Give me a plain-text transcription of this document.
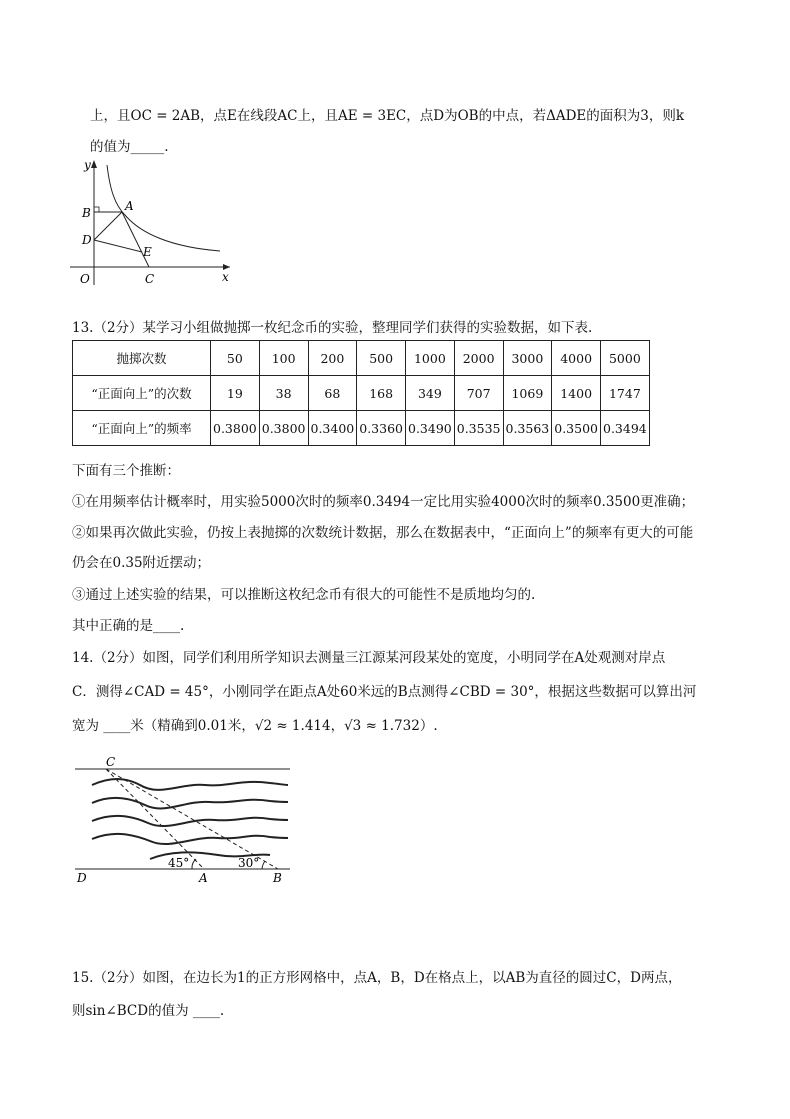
上，且OC = 2AB，点E在线段AC上，且AE = 3EC，点D为OB的中点，若ΔADE的面积为3，则k
的值为_____.
y
x
O
B	A
D
E
C
13.（2分）某学习小组做抛掷一枚纪念币的实验，整理同学们获得的实验数据，如下表.
抛掷次数	50	100	200	500	1000	2000	3000	4000	5000
“正面向上”的次数	19	38	68	168	349	707	1069	1400	1747
“正面向上”的频率	0.3800	0.3800	0.3400	0.3360	0.3490	0.3535	0.3563	0.3500	0.3494
下面有三个推断：
①在用频率估计概率时，用实验5000次时的频率0.3494一定比用实验4000次时的频率0.3500更准确；
②如果再次做此实验，仍按上表抛掷的次数统计数据，那么在数据表中，“正面向上”的频率有更大的可能
仍会在0.35附近摆动；
③通过上述实验的结果，可以推断这枚纪念币有很大的可能性不是质地均匀的.
其中正确的是____.
14.（2分）如图，同学们利用所学知识去测量三江源某河段某处的宽度，小明同学在A处观测对岸点
C．测得∠CAD = 45°，小刚同学在距点A处60米远的B点测得∠CBD = 30°，根据这些数据可以算出河
宽为 ____米（精确到0.01米，√2 ≈ 1.414，√3 ≈ 1.732）.
C
D	A	B
45°	30°
15.（2分）如图，在边长为1的正方形网格中，点A，B，D在格点上，以AB为直径的圆过C，D两点，
则sin∠BCD的值为 ____.
